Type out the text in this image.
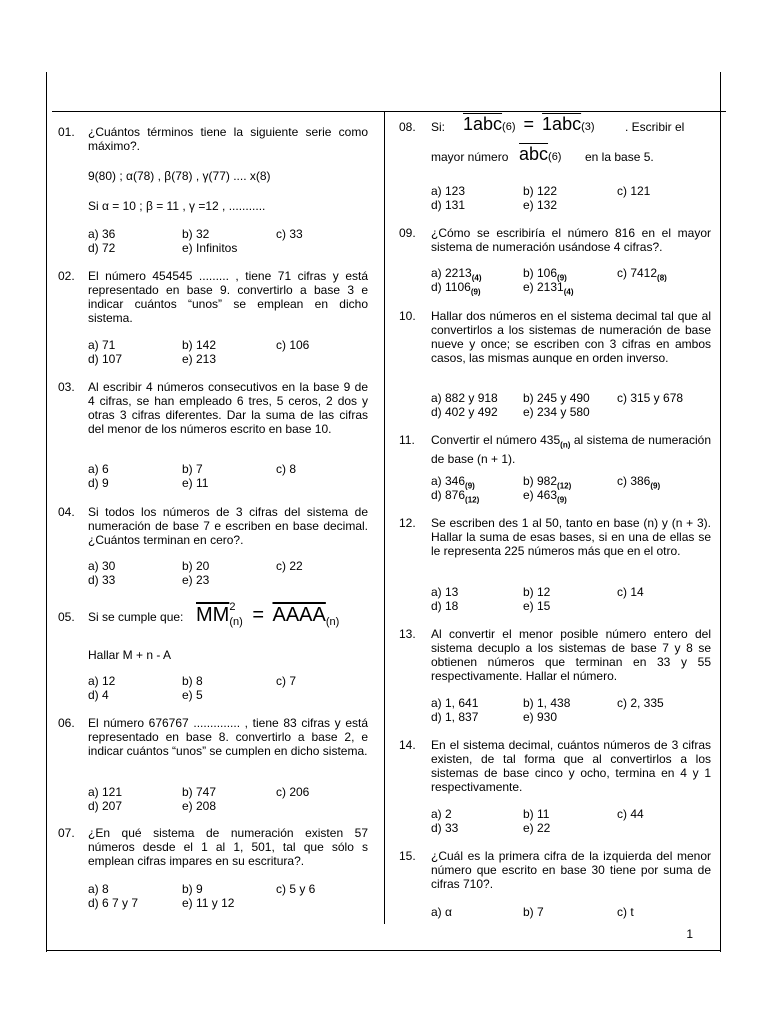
01. ¿Cuántos términos tiene la siguiente serie como máximo?.
9(80) ; α(78) , β(78) , γ(77) .... x(8)
Si α = 10 ; β = 11 , γ =12 , ...........
a) 36	b) 32	c) 33
d) 72	e) Infinitos
02. El número 454545 ......... , tiene 71 cifras y está representado en base 9. convertirlo a base 3 e indicar cuántos “unos” se emplean en dicho sistema.
a) 71	b) 142	c) 106
d) 107	e) 213
03. Al escribir 4 números consecutivos en la base 9 de 4 cifras, se han empleado 6 tres, 5 ceros, 2 dos y otras 3 cifras diferentes. Dar la suma de las cifras del menor de los números escrito en base 10.
a) 6	b) 7	c) 8
d) 9	e) 11
04. Si todos los números de 3 cifras del sistema de numeración de base 7 e escriben en base decimal. ¿Cuántos terminan en cero?.
a) 30	b) 20	c) 22
d) 33	e) 23
05. Si se cumple que: $\overline{MM}$ 2
$_{(n)} = AAAA_{(n)}$
Hallar M + n - A
a) 12	b) 8	c) 7
d) 4	e) 5
06. El número 676767 .............. , tiene 83 cifras y está representado en base 8. convertirlo a base 2, e indicar cuántos “unos” se cumplen en dicho sistema.
a) 121	b) 747	c) 206
d) 207	e) 208
07. ¿En qué sistema de numeración existen 57 números desde el 1 al 1, 501, tal que sólo s emplean cifras impares en su escritura?.
a) 8	b) 9	c) 5 y 6
d) 6 7 y 7	e) 11 y 12
08. Si: 1abc(6) = 1abc(3)	. Escribir el
mayor número $\overline{abc}(6)$ en la base 5.
a) 123	b) 122	c) 121
d) 131	e) 132
09. ¿Cómo se escribiría el número 816 en el mayor sistema de numeración usándose 4 cifras?.
a) $2213_{(4)}$	b) $106_{(9)}$	c) $7412_{(8)}$
d) $1106_{(9)}$	e) $2131_{(4)}$
10. Hallar dos números en el sistema decimal tal que al convertirlos a los sistemas de numeración de base nueve y once; se escriben con 3 cifras en ambos casos, las mismas aunque en orden inverso.
a) 882 y 918 b) 245 y 490 c) 315 y 678
d) 402 y 492 e) 234 y 580
11. Convertir el número $435_{(n)}$ al sistema de numeración de base (n + 1).
a) $346_{(9)}$	b) $982_{(12)}$	c) $386_{(9)}$
d) $876_{(12)}$	e) $463_{(9)}$
12. Se escriben des 1 al 50, tanto en base (n) y (n + 3). Hallar la suma de esas bases, si en una de ellas se le representa 225 números más que en el otro.
a) 13	b) 12	c) 14
d) 18	e) 15
13. Al convertir el menor posible número entero del sistema decuplo a los sistemas de base 7 y 8 se obtienen números que terminan en 33 y 55 respectivamente. Hallar el número.
a) 1, 641	b) 1, 438	c) 2, 335
d) 1, 837	e) 930
14. En el sistema decimal, cuántos números de 3 cifras existen, de tal forma que al convertirlos a los sistemas de base cinco y ocho, termina en 4 y 1 respectivamente.
a) 2	b) 11	c) 44
d) 33	e) 22
15. ¿Cuál es la primera cifra de la izquierda del menor número que escrito en base 30 tiene por suma de cifras 710?.
a) α	b) 7	c) t
1
